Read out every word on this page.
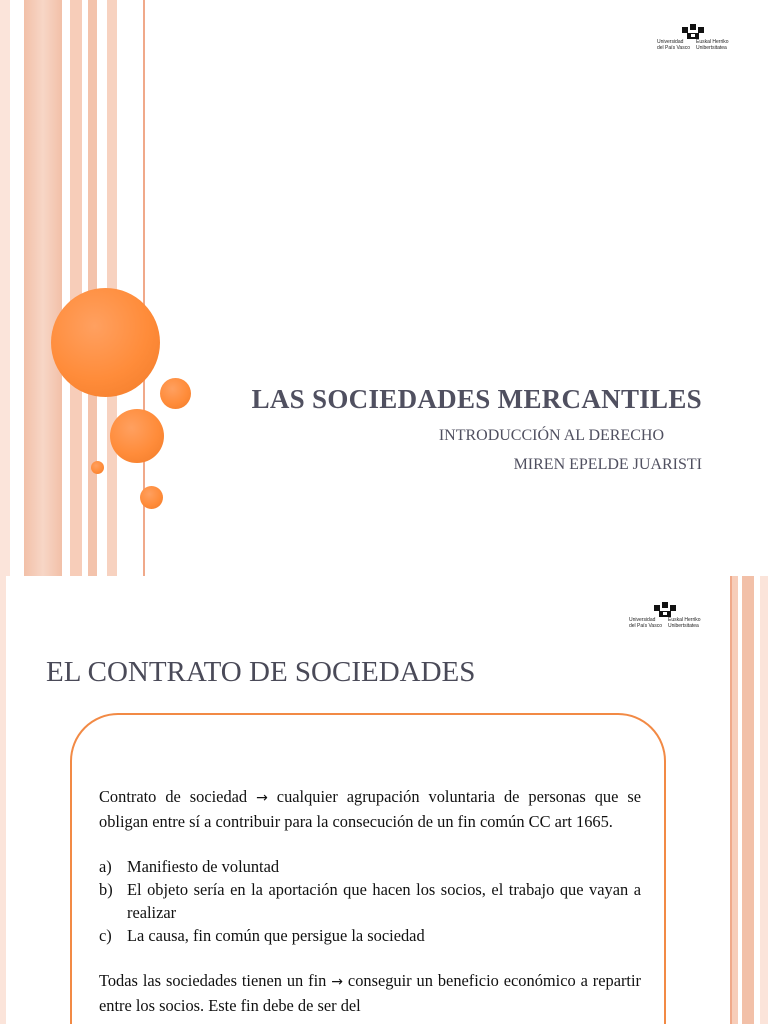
Universidad
del País Vasco
Euskal Herriko
Unibertsitatea
LAS SOCIEDADES MERCANTILES

INTRODUCCIÓN AL DERECHO

MIREN EPELDE JUARISTI

Universidad
del País Vasco
Euskal Herriko
Unibertsitatea
EL CONTRATO DE SOCIEDADES

Contrato de sociedad → cualquier agrupación voluntaria de personas que se obligan entre sí a contribuir para la consecución de un fin común CC art 1665.

a) Manifiesto de voluntad
b) El objeto sería en la aportación que hacen los socios, el trabajo que vayan a realizar
c) La causa, fin común que persigue la sociedad

Todas las sociedades tienen un fin → conseguir un beneficio económico a repartir entre los socios. Este fin debe de ser del
